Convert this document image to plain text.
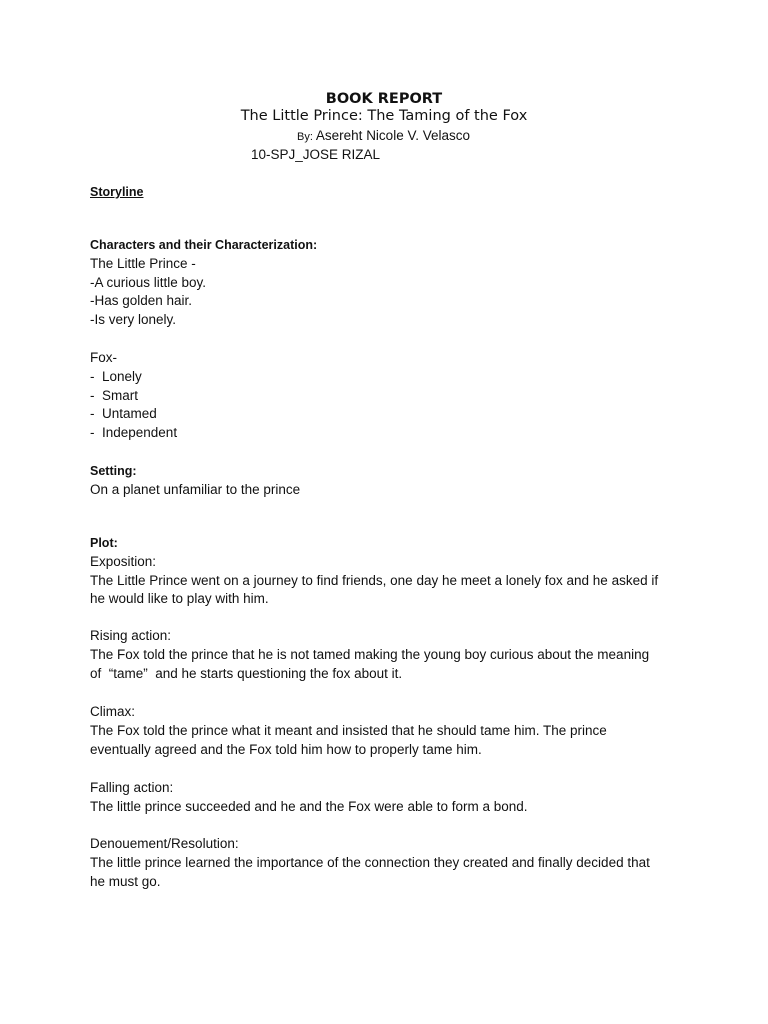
BOOK REPORT
The Little Prince: The Taming of the Fox
By: Asereht Nicole V. Velasco
10-SPJ_JOSE RIZAL
Storyline
Characters and their Characterization:
The Little Prince -
-A curious little boy.
-Has golden hair.
-Is very lonely.
Fox-
-  Lonely
-  Smart
-  Untamed
-  Independent
Setting:
On a planet unfamiliar to the prince
Plot:
Exposition:
The Little Prince went on a journey to find friends, one day he meet a lonely fox and he asked if
he would like to play with him.
Rising action:
The Fox told the prince that he is not tamed making the young boy curious about the meaning
of  “tame”  and he starts questioning the fox about it.
Climax:
The Fox told the prince what it meant and insisted that he should tame him. The prince
eventually agreed and the Fox told him how to properly tame him.
Falling action:
The little prince succeeded and he and the Fox were able to form a bond.
Denouement/Resolution:
The little prince learned the importance of the connection they created and finally decided that
he must go.
